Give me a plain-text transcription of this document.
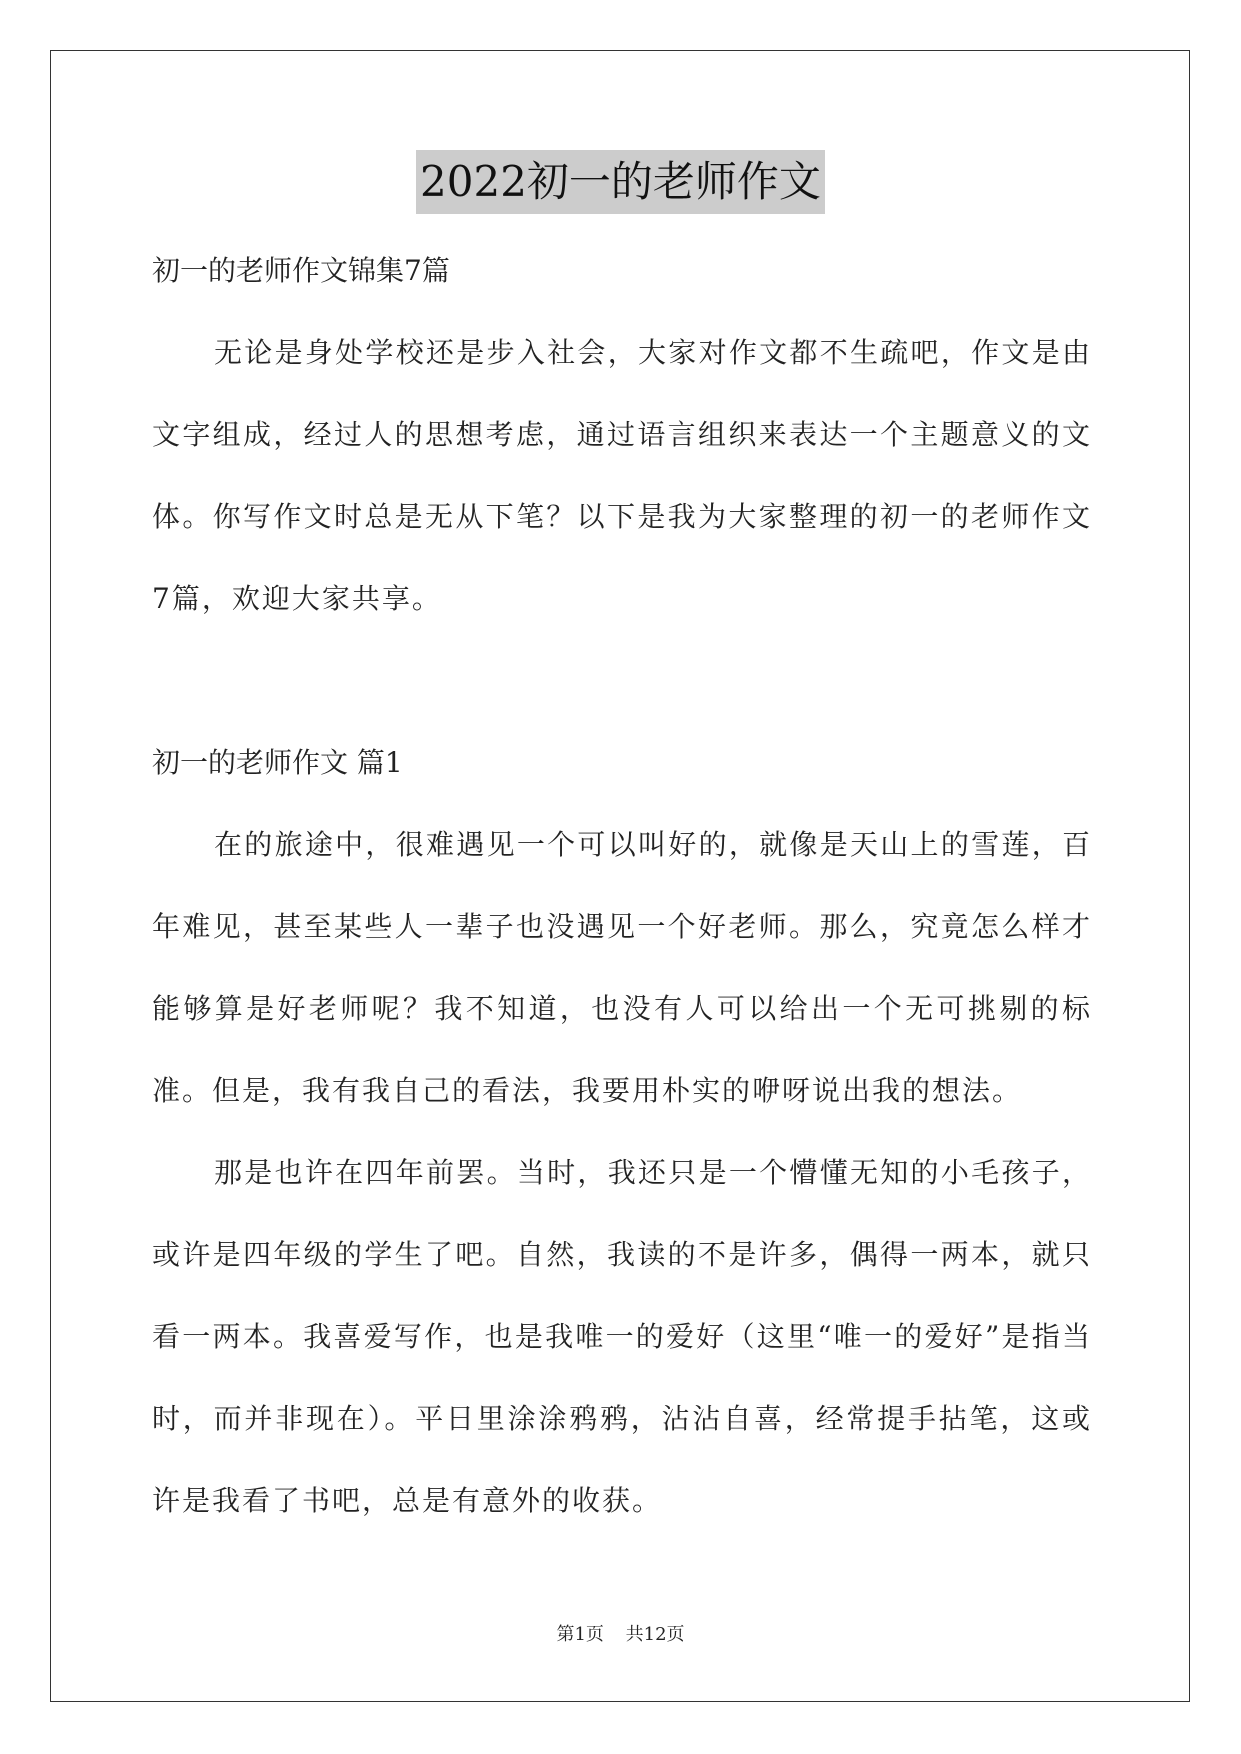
2022初一的老师作文

初一的老师作文锦集7篇

无论是身处学校还是步入社会，大家对作文都不生疏吧，作文是由文字组成，经过人的思想考虑，通过语言组织来表达一个主题意义的文体。你写作文时总是无从下笔？以下是我为大家整理的初一的老师作文7篇，欢迎大家共享。

初一的老师作文 篇1

在的旅途中，很难遇见一个可以叫好的，就像是天山上的雪莲，百年难见，甚至某些人一辈子也没遇见一个好老师。那么，究竟怎么样才能够算是好老师呢？我不知道，也没有人可以给出一个无可挑剔的标准。但是，我有我自己的看法，我要用朴实的咿呀说出我的想法。

那是也许在四年前罢。当时，我还只是一个懵懂无知的小毛孩子，或许是四年级的学生了吧。自然，我读的不是许多，偶得一两本，就只看一两本。我喜爱写作，也是我唯一的爱好（这里“唯一的爱好”是指当时，而并非现在）。平日里涂涂鸦鸦，沾沾自喜，经常提手拈笔，这或许是我看了书吧，总是有意外的收获。

第1页 共12页
